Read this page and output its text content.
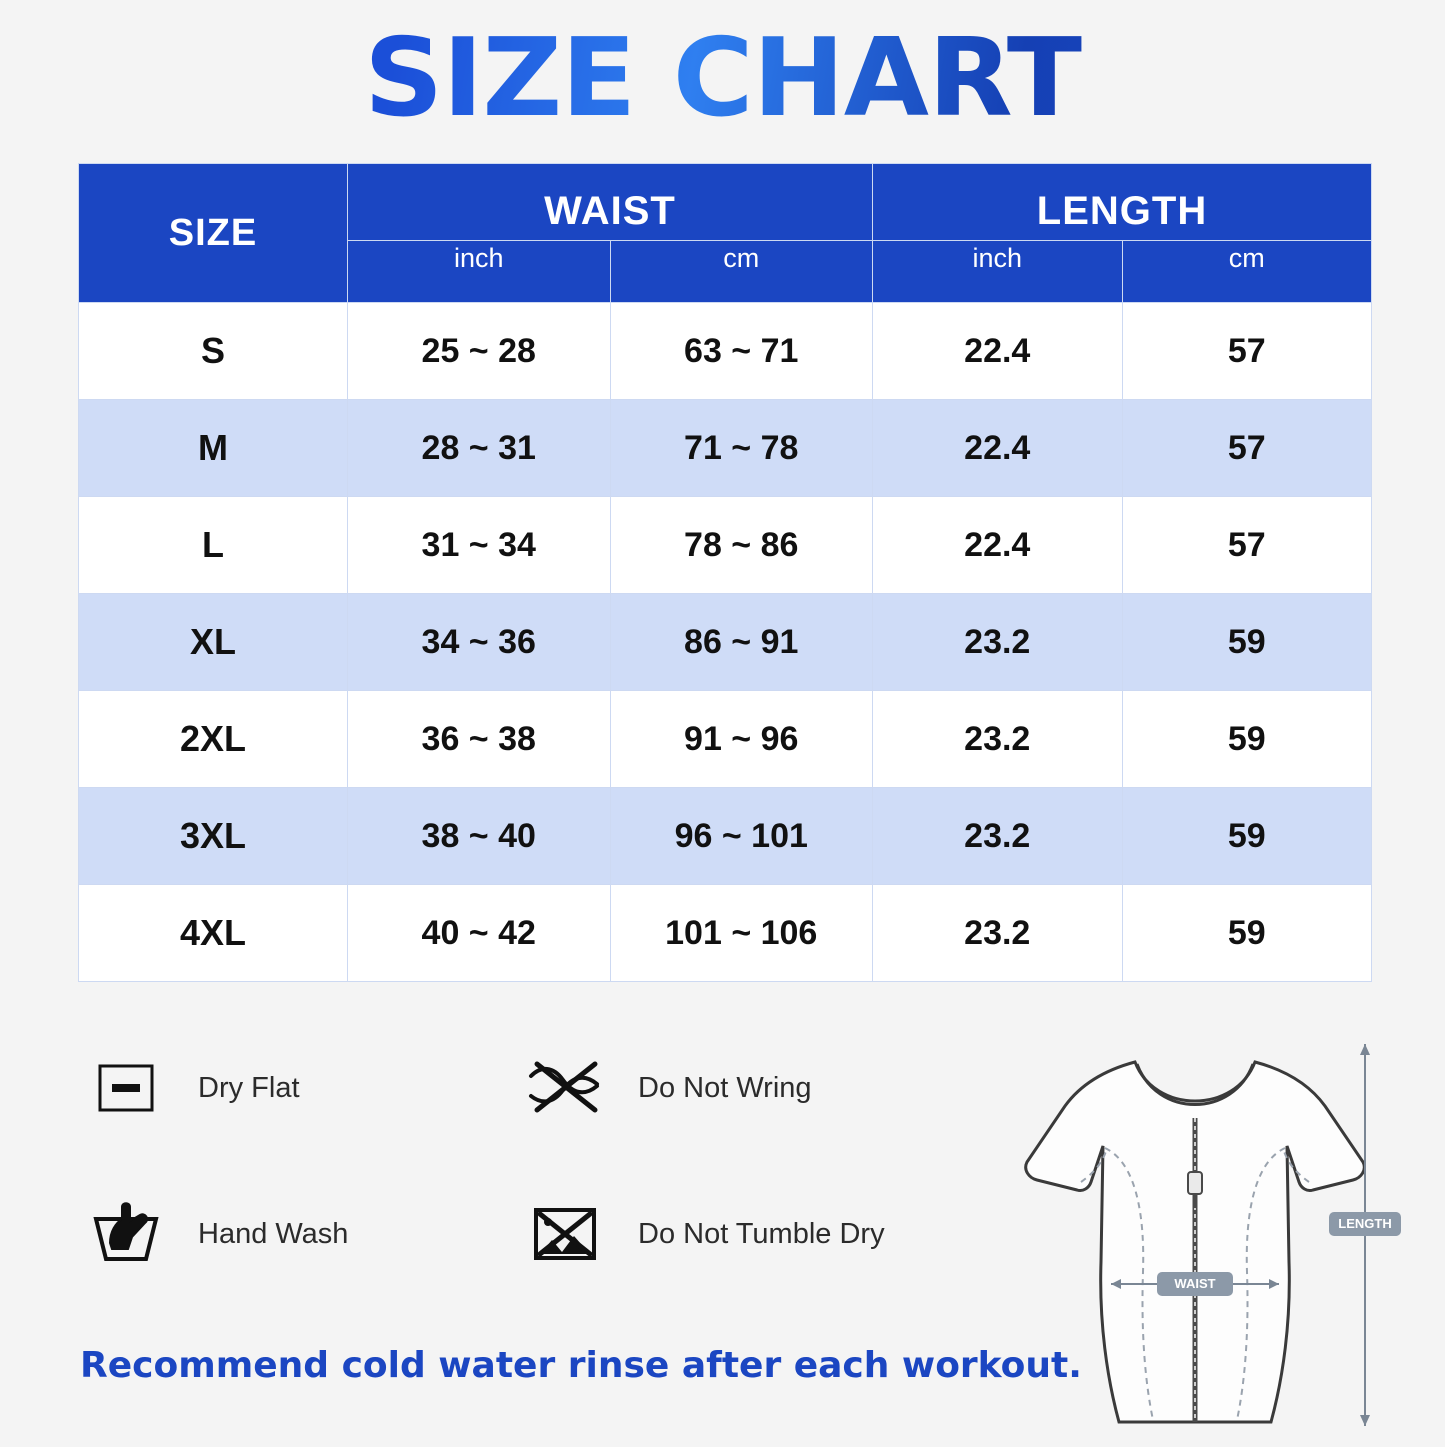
SIZE CHART
SIZE	WAIST		LENGTH	
	inch	cm	inch	cm
S	25 ~ 28	63 ~ 71	22.4	57
M	28 ~ 31	71 ~ 78	22.4	57
L	31 ~ 34	78 ~ 86	22.4	57
XL	34 ~ 36	86 ~ 91	23.2	59
2XL	36 ~ 38	91 ~ 96	23.2	59
3XL	38 ~ 40	96 ~ 101	23.2	59
4XL	40 ~ 42	101 ~ 106	23.2	59
Dry Flat	Do Not Wring
Hand Wash	Do Not Tumble Dry
Recommend cold water rinse after each workout.
WAIST
LENGTH
